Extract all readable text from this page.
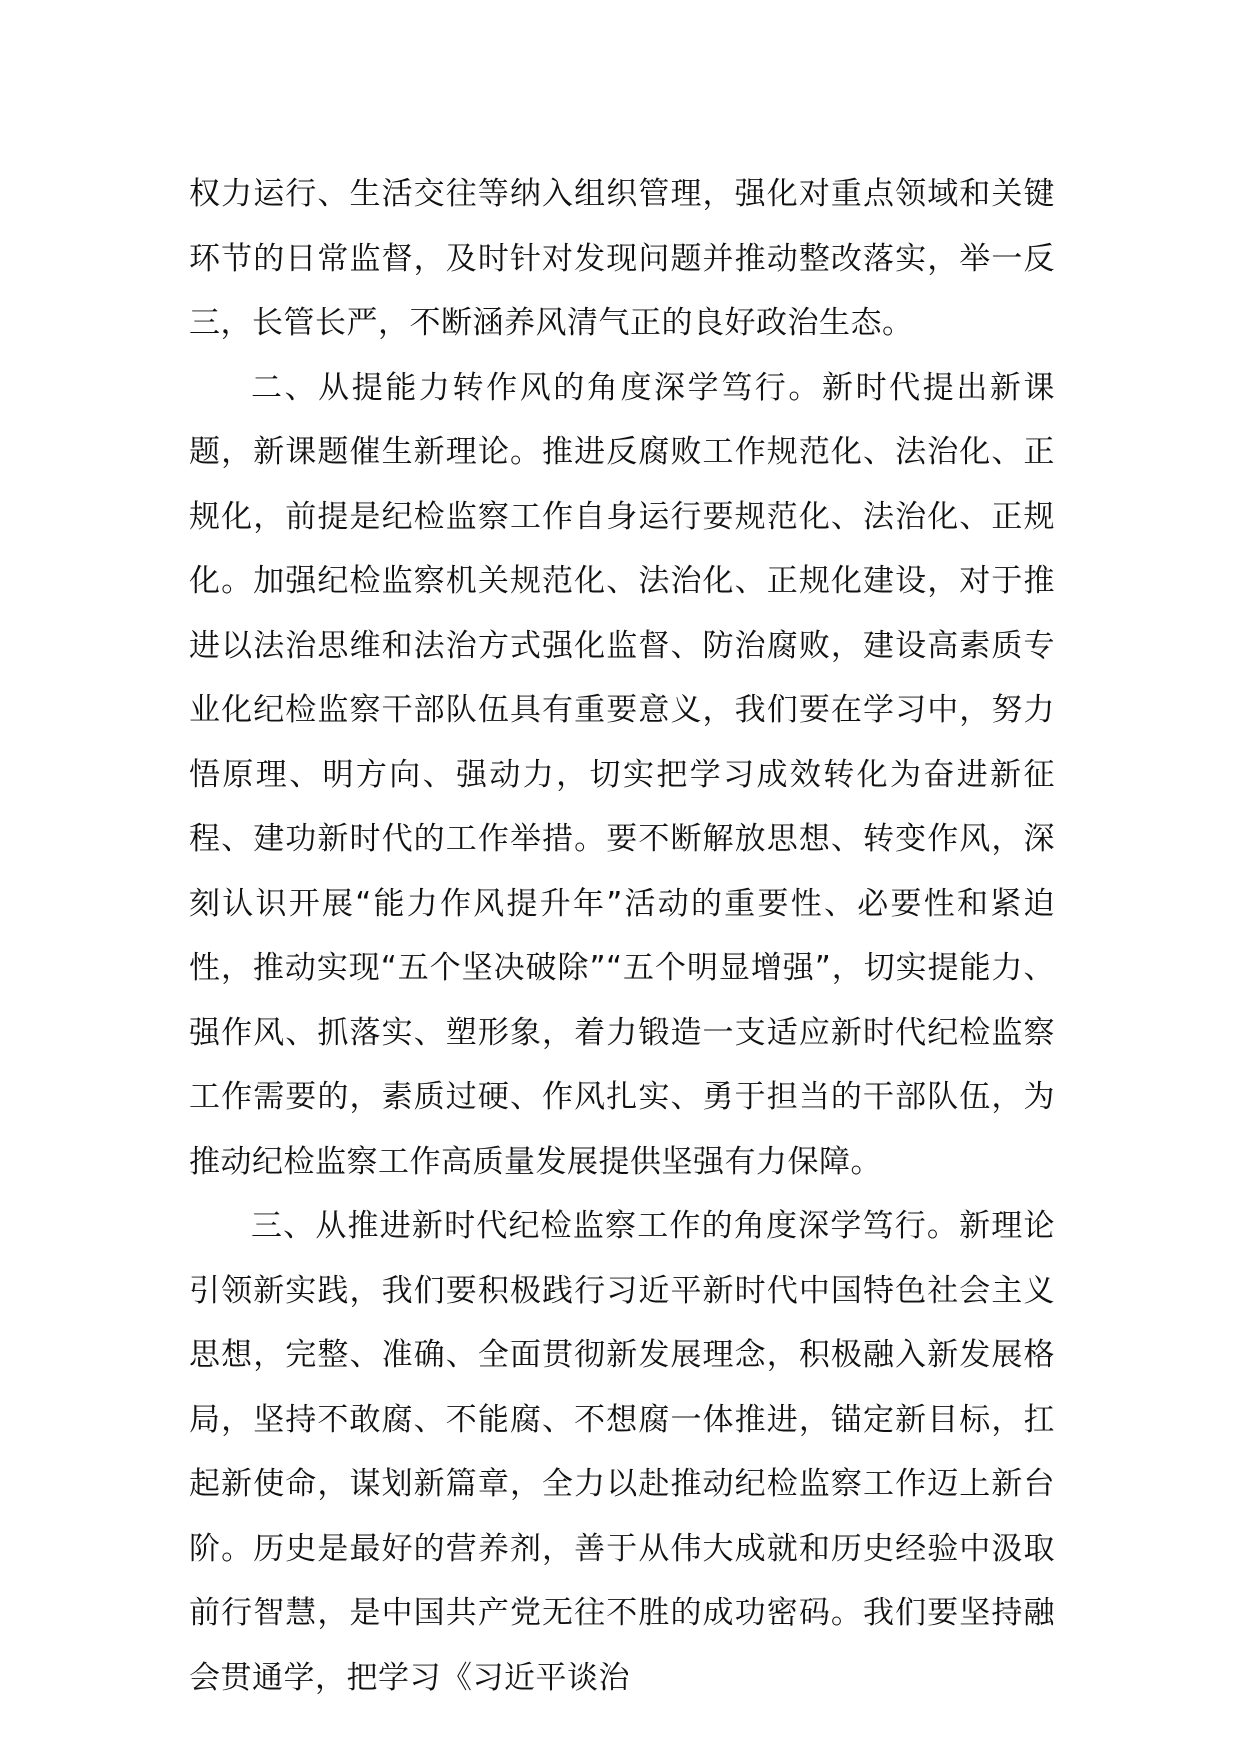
权力运行、生活交往等纳入组织管理，强化对重点领域和关键环节的日常监督，及时针对发现问题并推动整改落实，举一反三，长管长严，不断涵养风清气正的良好政治生态。

二、从提能力转作风的角度深学笃行。新时代提出新课题，新课题催生新理论。推进反腐败工作规范化、法治化、正规化，前提是纪检监察工作自身运行要规范化、法治化、正规化。加强纪检监察机关规范化、法治化、正规化建设，对于推进以法治思维和法治方式强化监督、防治腐败，建设高素质专业化纪检监察干部队伍具有重要意义，我们要在学习中，努力悟原理、明方向、强动力，切实把学习成效转化为奋进新征程、建功新时代的工作举措。要不断解放思想、转变作风，深刻认识开展“能力作风提升年”活动的重要性、必要性和紧迫性，推动实现“五个坚决破除”“五个明显增强”，切实提能力、强作风、抓落实、塑形象，着力锻造一支适应新时代纪检监察工作需要的，素质过硬、作风扎实、勇于担当的干部队伍，为推动纪检监察工作高质量发展提供坚强有力保障。

三、从推进新时代纪检监察工作的角度深学笃行。新理论引领新实践，我们要积极践行习近平新时代中国特色社会主义思想，完整、准确、全面贯彻新发展理念，积极融入新发展格局，坚持不敢腐、不能腐、不想腐一体推进，锚定新目标，扛起新使命，谋划新篇章，全力以赴推动纪检监察工作迈上新台阶。历史是最好的营养剂，善于从伟大成就和历史经验中汲取前行智慧，是中国共产党无往不胜的成功密码。我们要坚持融会贯通学，把学习《习近平谈治
